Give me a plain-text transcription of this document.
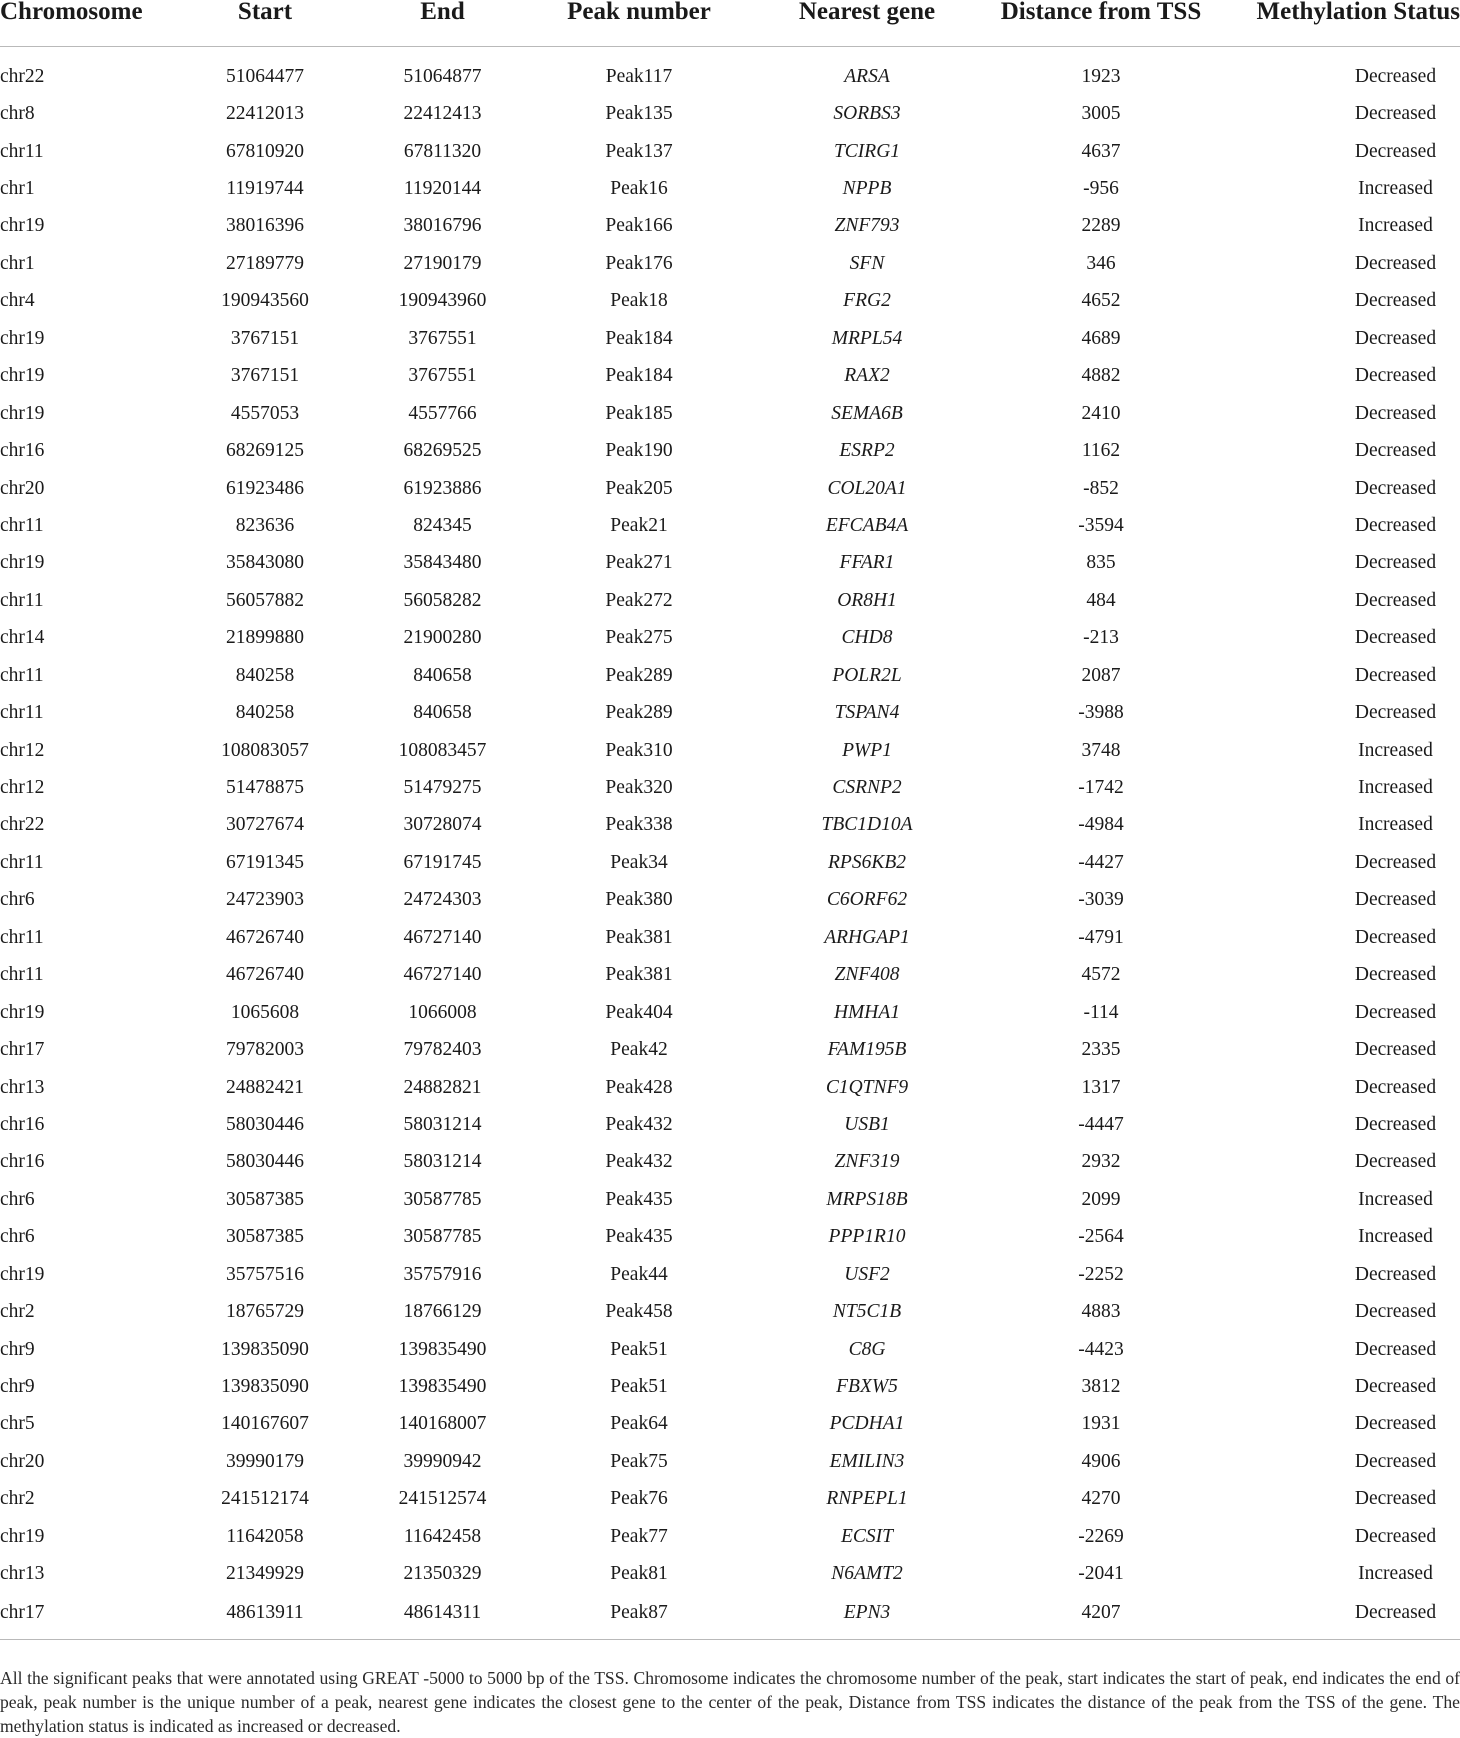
Chromosome	Start	End	Peak number	Nearest gene	Distance from TSS	Methylation Status

chr22	51064477	51064877	Peak117	ARSA	1923	Decreased
chr8	22412013	22412413	Peak135	SORBS3	3005	Decreased
chr11	67810920	67811320	Peak137	TCIRG1	4637	Decreased
chr1	11919744	11920144	Peak16	NPPB	-956	Increased
chr19	38016396	38016796	Peak166	ZNF793	2289	Increased
chr1	27189779	27190179	Peak176	SFN	346	Decreased
chr4	190943560	190943960	Peak18	FRG2	4652	Decreased
chr19	3767151	3767551	Peak184	MRPL54	4689	Decreased
chr19	3767151	3767551	Peak184	RAX2	4882	Decreased
chr19	4557053	4557766	Peak185	SEMA6B	2410	Decreased
chr16	68269125	68269525	Peak190	ESRP2	1162	Decreased
chr20	61923486	61923886	Peak205	COL20A1	-852	Decreased
chr11	823636	824345	Peak21	EFCAB4A	-3594	Decreased
chr19	35843080	35843480	Peak271	FFAR1	835	Decreased
chr11	56057882	56058282	Peak272	OR8H1	484	Decreased
chr14	21899880	21900280	Peak275	CHD8	-213	Decreased
chr11	840258	840658	Peak289	POLR2L	2087	Decreased
chr11	840258	840658	Peak289	TSPAN4	-3988	Decreased
chr12	108083057	108083457	Peak310	PWP1	3748	Increased
chr12	51478875	51479275	Peak320	CSRNP2	-1742	Increased
chr22	30727674	30728074	Peak338	TBC1D10A	-4984	Increased
chr11	67191345	67191745	Peak34	RPS6KB2	-4427	Decreased
chr6	24723903	24724303	Peak380	C6ORF62	-3039	Decreased
chr11	46726740	46727140	Peak381	ARHGAP1	-4791	Decreased
chr11	46726740	46727140	Peak381	ZNF408	4572	Decreased
chr19	1065608	1066008	Peak404	HMHA1	-114	Decreased
chr17	79782003	79782403	Peak42	FAM195B	2335	Decreased
chr13	24882421	24882821	Peak428	C1QTNF9	1317	Decreased
chr16	58030446	58031214	Peak432	USB1	-4447	Decreased
chr16	58030446	58031214	Peak432	ZNF319	2932	Decreased
chr6	30587385	30587785	Peak435	MRPS18B	2099	Increased
chr6	30587385	30587785	Peak435	PPP1R10	-2564	Increased
chr19	35757516	35757916	Peak44	USF2	-2252	Decreased
chr2	18765729	18766129	Peak458	NT5C1B	4883	Decreased
chr9	139835090	139835490	Peak51	C8G	-4423	Decreased
chr9	139835090	139835490	Peak51	FBXW5	3812	Decreased
chr5	140167607	140168007	Peak64	PCDHA1	1931	Decreased
chr20	39990179	39990942	Peak75	EMILIN3	4906	Decreased
chr2	241512174	241512574	Peak76	RNPEPL1	4270	Decreased
chr19	11642058	11642458	Peak77	ECSIT	-2269	Decreased
chr13	21349929	21350329	Peak81	N6AMT2	-2041	Increased
chr17	48613911	48614311	Peak87	EPN3	4207	Decreased

All the significant peaks that were annotated using GREAT -5000 to 5000 bp of the TSS. Chromosome indicates the chromosome number of the peak, start indicates the start of peak, end indicates the end of peak, peak number is the unique number of a peak, nearest gene indicates the closest gene to the center of the peak, Distance from TSS indicates the distance of the peak from the TSS of the gene. The methylation status is indicated as increased or decreased.
